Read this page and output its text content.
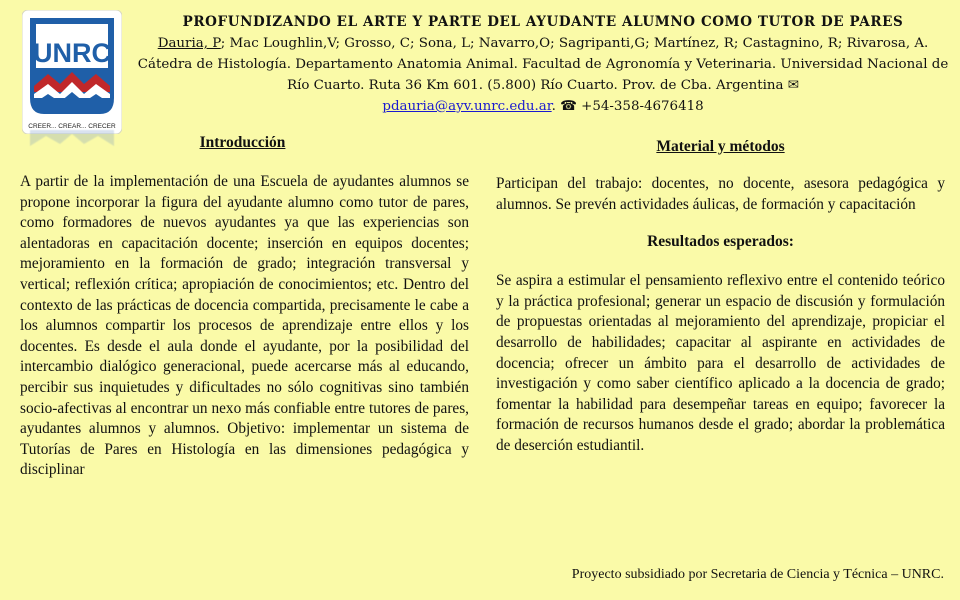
UNRC
CREER... CREAR... CRECER
PROFUNDIZANDO EL ARTE Y PARTE DEL AYUDANTE ALUMNO COMO TUTOR DE PARES
Dauria, P; Mac Loughlin,V; Grosso, C; Sona, L; Navarro,O; Sagripanti,G; Martínez, R; Castagnino, R; Rivarosa, A.
Cátedra de Histología. Departamento Anatomia Animal. Facultad de Agronomía y Veterinaria. Universidad Nacional de Río Cuarto. Ruta 36 Km 601. (5.800) Río Cuarto. Prov. de Cba. Argentina ✉
pdauria@ayv.unrc.edu.ar. ☎ +54-358-4676418
Introducción

A partir de la implementación de una Escuela de ayudantes alumnos se propone incorporar la figura del ayudante alumno como tutor de pares, como formadores de nuevos ayudantes ya que las experiencias son alentadoras en capacitación docente; inserción en equipos docentes; mejoramiento en la formación de grado; integración transversal y vertical; reflexión crítica; apropiación de conocimientos; etc. Dentro del contexto de las prácticas de docencia compartida, precisamente le cabe a los alumnos compartir los procesos de aprendizaje entre ellos y los docentes. Es desde el aula donde el ayudante, por la posibilidad del intercambio dialógico generacional, puede acercarse más al educando, percibir sus inquietudes y dificultades no sólo cognitivas sino también socio-afectivas al encontrar un nexo más confiable entre tutores de pares, ayudantes alumnos y alumnos. Objetivo: implementar un sistema de Tutorías de Pares en Histología en las dimensiones pedagógica y disciplinar

Material y métodos

Participan del trabajo: docentes, no docente, asesora pedagógica y alumnos. Se prevén actividades áulicas, de formación y capacitación

Resultados esperados:

Se aspira a estimular el pensamiento reflexivo entre el contenido teórico y la práctica profesional; generar un espacio de discusión y formulación de propuestas orientadas al mejoramiento del aprendizaje, propiciar el desarrollo de habilidades; capacitar al aspirante en actividades de docencia; ofrecer un ámbito para el desarrollo de actividades de investigación y como saber científico aplicado a la docencia de grado; fomentar la habilidad para desempeñar tareas en equipo; favorecer la formación de recursos humanos desde el grado; abordar la problemática de deserción estudiantil.

Proyecto subsidiado por Secretaria de Ciencia y Técnica – UNRC.
